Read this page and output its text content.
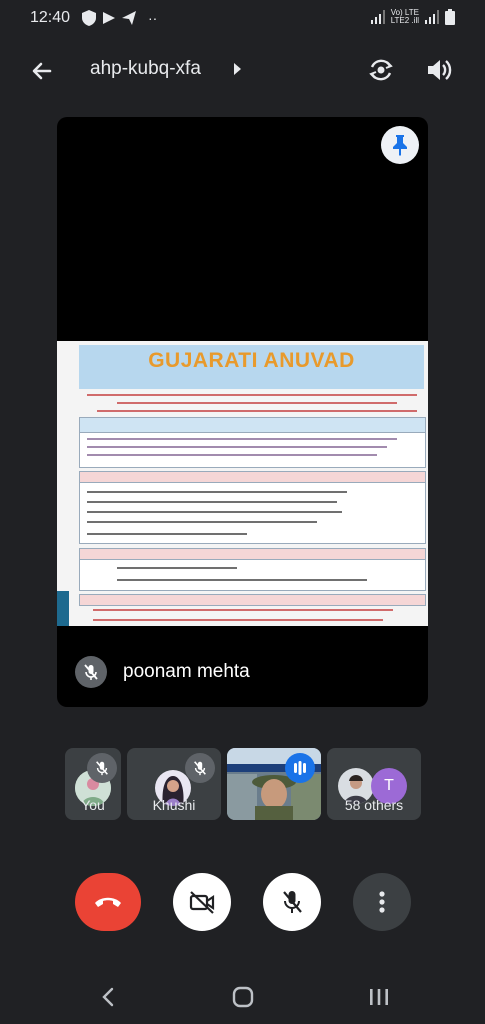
12:40	··	Vo) LTE
LTE2 .ill
ahp-kubq-xfa
GUJARATI ANUVAD
poonam mehta
You	Khushi
T
58 others
